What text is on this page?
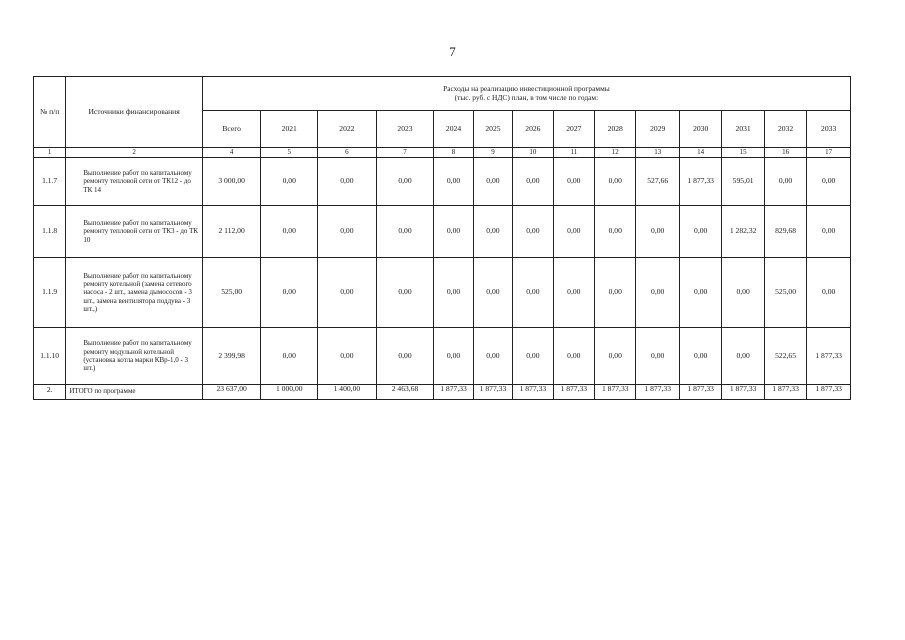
7
№ п/п	Источники финансирования	Расходы на реализацию инвестиционной программы
(тыс. руб. с НДС) план, в том числе по годам:													

		Всего	2021	2022	2023	2024	2025	2026	2027	2028	2029	2030	2031	2032	2033
1	2	4	5	6	7	8	9	10	11	12	13	14	15	16	17
1.1.7	Выполнение работ по капитальному ремонту тепловой сети от ТК12 - до ТК 14	3 000,00	0,00	0,00	0,00	0,00	0,00	0,00	0,00	0,00	527,66	1 877,33	595,01	0,00	0,00
1.1.8	Выполнение работ по капитальному ремонту тепловой сети от ТК3 - до ТК 10	2 112,00	0,00	0,00	0,00	0,00	0,00	0,00	0,00	0,00	0,00	0,00	1 282,32	829,68	0,00
1.1.9	Выполнение работ по капитальному ремонту котельной (замена сетевого насоса - 2 шт., замена дымососов - 3 шт., замена вентилятора поддува - 3 шт.,)	525,00	0,00	0,00	0,00	0,00	0,00	0,00	0,00	0,00	0,00	0,00	0,00	525,00	0,00
1.1.10	Выполнение работ по капитальному ремонту модульной котельной (установка котла марки КВр-1,0 - 3 шт.)	2 399,98	0,00	0,00	0,00	0,00	0,00	0,00	0,00	0,00	0,00	0,00	0,00	522,65	1 877,33
2.	ИТОГО по программе	23 637,00	1 000,00	1 400,00	2 463,68	1 877,33	1 877,33	1 877,33	1 877,33	1 877,33	1 877,33	1 877,33	1 877,33	1 877,33	1 877,33
